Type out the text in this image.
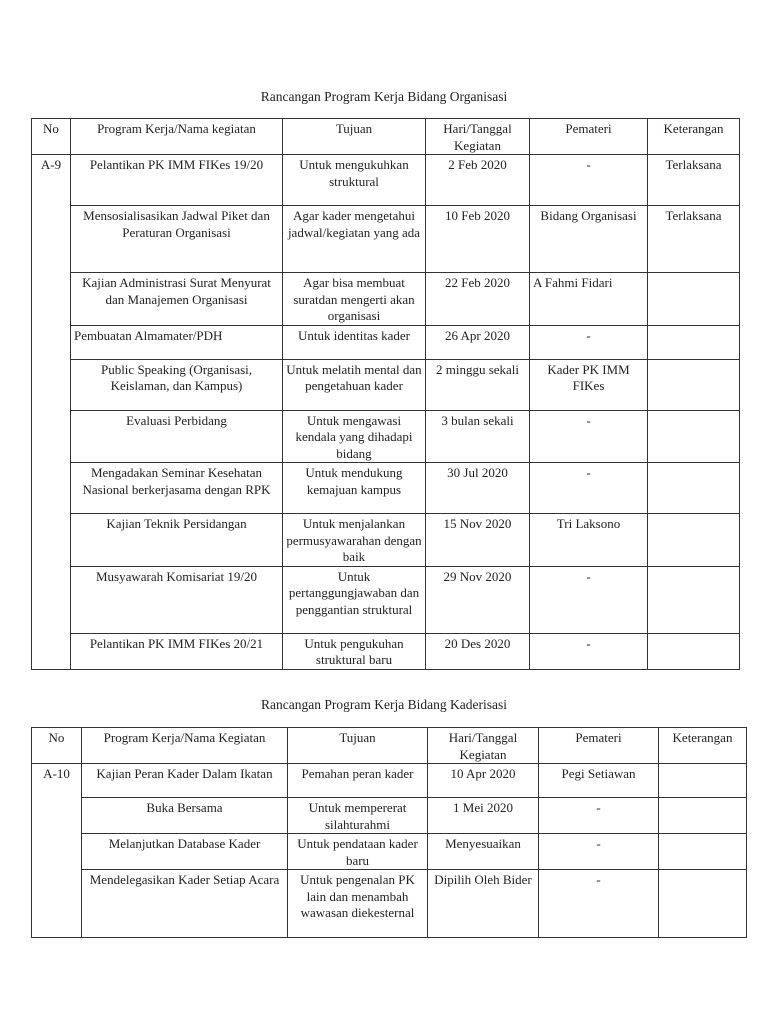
Rancangan Program Kerja Bidang Organisasi
No	Program Kerja/Nama kegiatan	Tujuan	Hari/Tanggal Kegiatan	Pemateri	Keterangan
A-9	Pelantikan PK IMM FIKes 19/20	Untuk mengukuhkan struktural	2 Feb 2020	-	Terlaksana
	Mensosialisasikan Jadwal Piket dan Peraturan Organisasi	Agar kader mengetahui jadwal/kegiatan yang ada	10 Feb 2020	Bidang Organisasi	Terlaksana
	Kajian Administrasi Surat Menyurat dan Manajemen Organisasi	Agar bisa membuat suratdan mengerti akan organisasi	22 Feb 2020	A Fahmi Fidari	
	Pembuatan Almamater/PDH	Untuk identitas kader	26 Apr 2020	-	
	Public Speaking (Organisasi, Keislaman, dan Kampus)	Untuk melatih mental dan pengetahuan kader	2 minggu sekali	Kader PK IMM FIKes	
	Evaluasi Perbidang	Untuk mengawasi kendala yang dihadapi bidang	3 bulan sekali	-	
	Mengadakan Seminar Kesehatan Nasional berkerjasama dengan RPK	Untuk mendukung kemajuan kampus	30 Jul 2020	-	
	Kajian Teknik Persidangan	Untuk menjalankan permusyawarahan dengan baik	15 Nov 2020	Tri Laksono	
	Musyawarah Komisariat 19/20	Untuk pertanggungjawaban dan penggantian struktural	29 Nov 2020	-	
	Pelantikan PK IMM FIKes 20/21	Untuk pengukuhan struktural baru	20 Des 2020	-	
Rancangan Program Kerja Bidang Kaderisasi
No	Program Kerja/Nama Kegiatan	Tujuan	Hari/Tanggal Kegiatan	Pemateri	Keterangan
A-10	Kajian Peran Kader Dalam Ikatan	Pemahan peran kader	10 Apr 2020	Pegi Setiawan	
	Buka Bersama	Untuk mempererat silahturahmi	1 Mei 2020	-	
	Melanjutkan Database Kader	Untuk pendataan kader baru	Menyesuaikan	-	
	Mendelegasikan Kader Setiap Acara	Untuk pengenalan PK lain dan menambah wawasan diekesternal	Dipilih Oleh Bider	-	
